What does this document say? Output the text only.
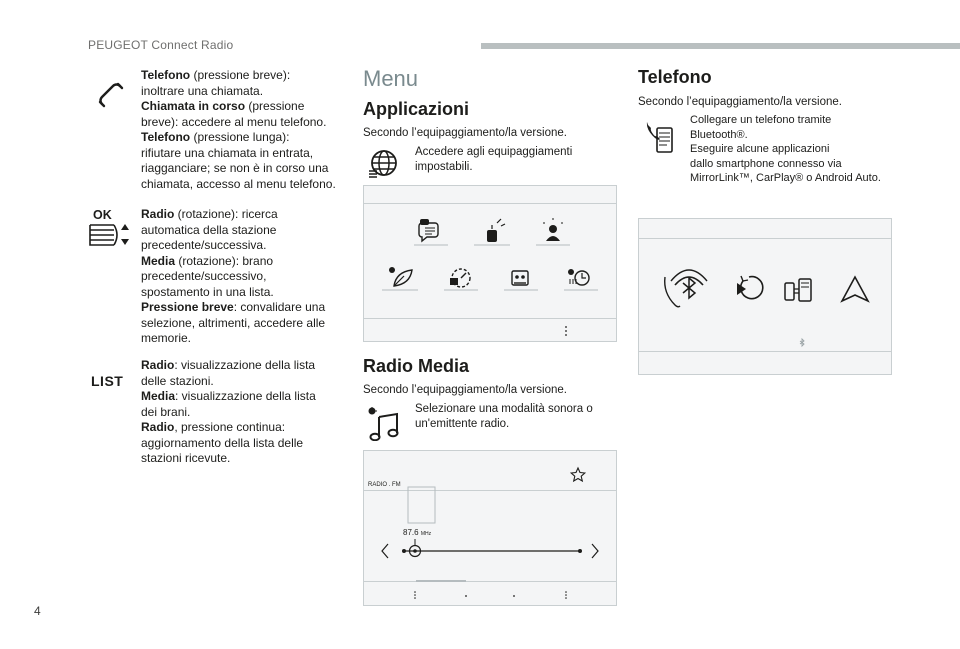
PEUGEOT Connect Radio
Telefono (pressione breve):
inoltrare una chiamata.
Chiamata in corso (pressione
breve): accedere al menu telefono.
Telefono (pressione lunga):
rifiutare una chiamata in entrata,
riagganciare; se non è in corso una
chiamata, accesso al menu telefono.
OK Radio (rotazione): ricerca
automatica della stazione
precedente/successiva.
Media (rotazione): brano
precedente/successivo,
spostamento in una lista.
Pressione breve: convalidare una
selezione, altrimenti, accedere alle
memorie.
LIST
Radio: visualizzazione della lista
delle stazioni.
Media: visualizzazione della lista
dei brani.
Radio, pressione continua:
aggiornamento della lista delle
stazioni ricevute.
Menu
Applicazioni
Secondo l’equipaggiamento/la versione.
Accedere agli equipaggiamenti
impostabili.
Radio Media
Secondo l’equipaggiamento/la versione.
Selezionare una modalità sonora o
un'emittente radio.
RADIO . FM
87.6 MHz
Telefono
Secondo l’equipaggiamento/la versione.
Collegare un telefono tramite
Bluetooth®.
Eseguire alcune applicazioni
dallo smartphone connesso via
MirrorLink™, CarPlay® o Android Auto.
4
